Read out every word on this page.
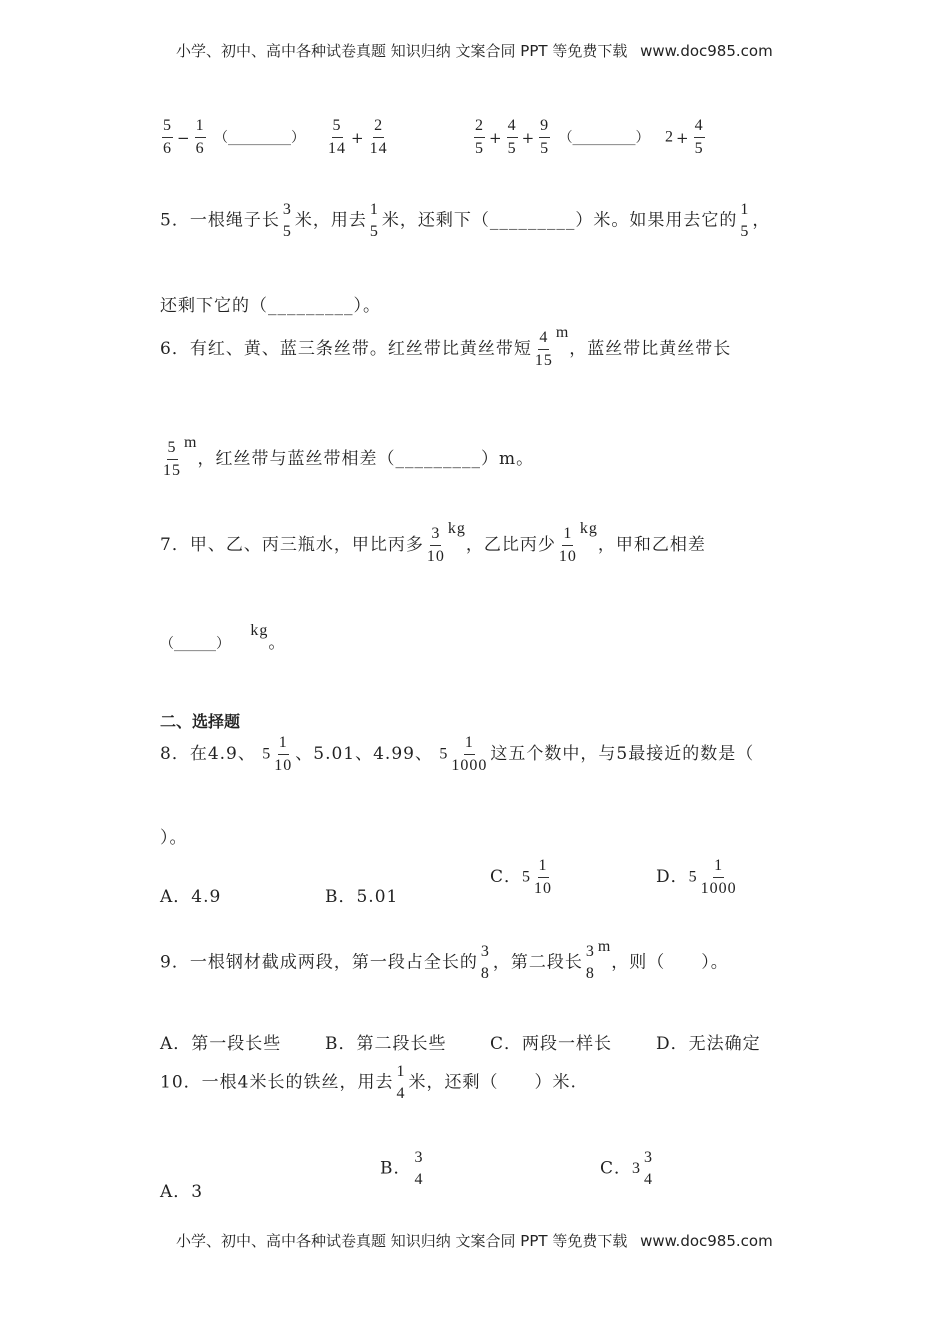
小学、初中、高中各种试卷真题 知识归纳 文案合同 PPT 等免费下载 www.doc985.com
$\frac{5}{6} - \frac{1}{6}$ （_________） $\frac{5}{14} + \frac{2}{14}$	$\frac{2}{5} + \frac{4}{5} + \frac{9}{5}$ （_________） $2 + \frac{4}{5}$
5．一根绳子长
3
5
米，用去
1
5
米，还剩下（_________）米。如果用去它的
1
5
，
还剩下它的（_________）。
6．有红、黄、蓝三条丝带。红丝带比黄丝带短 $\frac{4}{15}$ m，蓝丝带比黄丝带长
$\frac{5}{15}$ m，红丝带与蓝丝带相差（_________）m。
7．甲、乙、丙三瓶水，甲比丙多 $\frac{3}{10}$ kg，乙比丙少 $\frac{1}{10}$ kg，甲和乙相差
（______） kg。
二、选择题
8．在4.9、 $5 \frac{1}{10}$ 、5.01、4.99、 $5 \frac{1}{1000}$ 这五个数中，与5最接近的数是（
）。
A．4.9	B．5.01
C．$5 \frac{1}{10}$	D．$5 \frac{1}{1000}$
9．一根钢材截成两段，第一段占全长的
3
8
，第二段长
3
8
m，则（　　）。
A．第一段长些	B．第二段长些	C．两段一样长	D．无法确定
10．一根4米长的铁丝，用去
1
4
米，还剩（　　）米.
A．3
B．
3
4
C．3
3
4
小学、初中、高中各种试卷真题 知识归纳 文案合同 PPT 等免费下载 www.doc985.com
